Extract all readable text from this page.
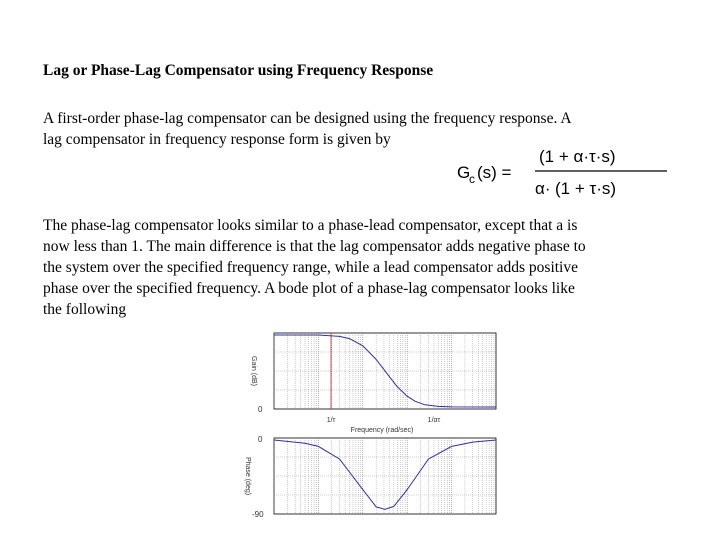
Lag or Phase-Lag Compensator using Frequency Response
A first-order phase-lag compensator can be designed using the frequency response. A
lag compensator in frequency response form is given by
G
c (s) =
(1 + α·τ·s)
α· (1 + τ·s)
The phase-lag compensator looks similar to a phase-lead compensator, except that a is
now less than 1. The main difference is that the lag compensator adds negative phase to
the system over the specified frequency range, while a lead compensator adds positive
phase over the specified frequency. A bode plot of a phase-lag compensator looks like
the following
Gain (dB)
0
1/τ	1/ατ
Frequency (rad/sec)
Phase (deg)
0
-90
